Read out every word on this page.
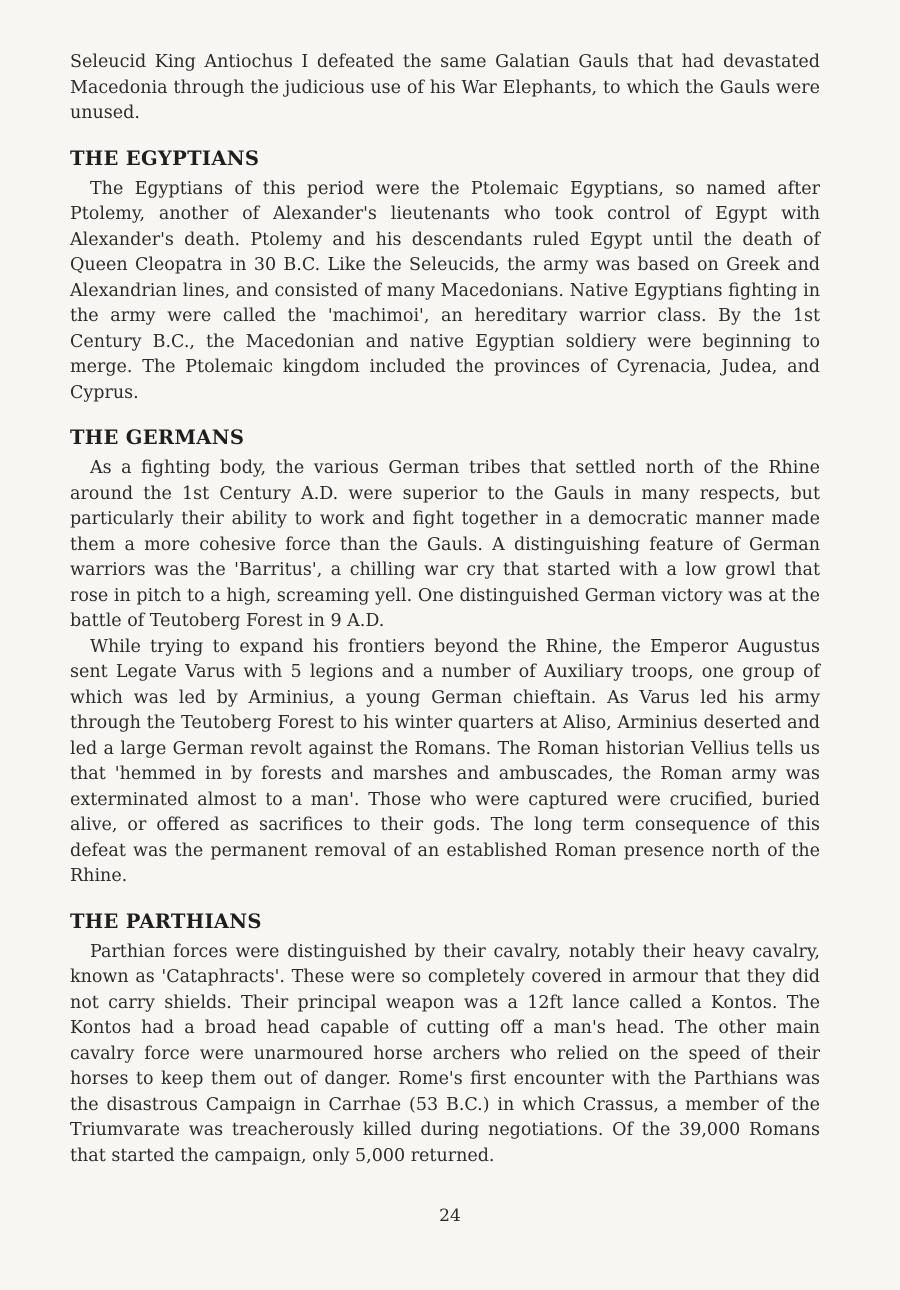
Seleucid King Antiochus I defeated the same Galatian Gauls that had devastated Macedonia through the judicious use of his War Elephants, to which the Gauls were unused.

THE EGYPTIANS

The Egyptians of this period were the Ptolemaic Egyptians, so named after Ptolemy, another of Alexander's lieutenants who took control of Egypt with Alexander's death. Ptolemy and his descendants ruled Egypt until the death of Queen Cleopatra in 30 B.C. Like the Seleucids, the army was based on Greek and Alexandrian lines, and consisted of many Macedonians. Native Egyptians fighting in the army were called the 'machimoi', an hereditary warrior class. By the 1st Century B.C., the Macedonian and native Egyptian soldiery were beginning to merge. The Ptolemaic kingdom included the provinces of Cyrenacia, Judea, and Cyprus.

THE GERMANS

As a fighting body, the various German tribes that settled north of the Rhine around the 1st Century A.D. were superior to the Gauls in many respects, but particularly their ability to work and fight together in a democratic manner made them a more cohesive force than the Gauls. A distinguishing feature of German warriors was the 'Barritus', a chilling war cry that started with a low growl that rose in pitch to a high, screaming yell. One distinguished German victory was at the battle of Teutoberg Forest in 9 A.D.

While trying to expand his frontiers beyond the Rhine, the Emperor Augustus sent Legate Varus with 5 legions and a number of Auxiliary troops, one group of which was led by Arminius, a young German chieftain. As Varus led his army through the Teutoberg Forest to his winter quarters at Aliso, Arminius deserted and led a large German revolt against the Romans. The Roman historian Vellius tells us that 'hemmed in by forests and marshes and ambuscades, the Roman army was exterminated almost to a man'. Those who were captured were crucified, buried alive, or offered as sacrifices to their gods. The long term consequence of this defeat was the permanent removal of an established Roman presence north of the Rhine.

THE PARTHIANS

Parthian forces were distinguished by their cavalry, notably their heavy cavalry, known as 'Cataphracts'. These were so completely covered in armour that they did not carry shields. Their principal weapon was a 12ft lance called a Kontos. The Kontos had a broad head capable of cutting off a man's head. The other main cavalry force were unarmoured horse archers who relied on the speed of their horses to keep them out of danger. Rome's first encounter with the Parthians was the disastrous Campaign in Carrhae (53 B.C.) in which Crassus, a member of the Triumvarate was treacherously killed during negotiations. Of the 39,000 Romans that started the campaign, only 5,000 returned.

24
